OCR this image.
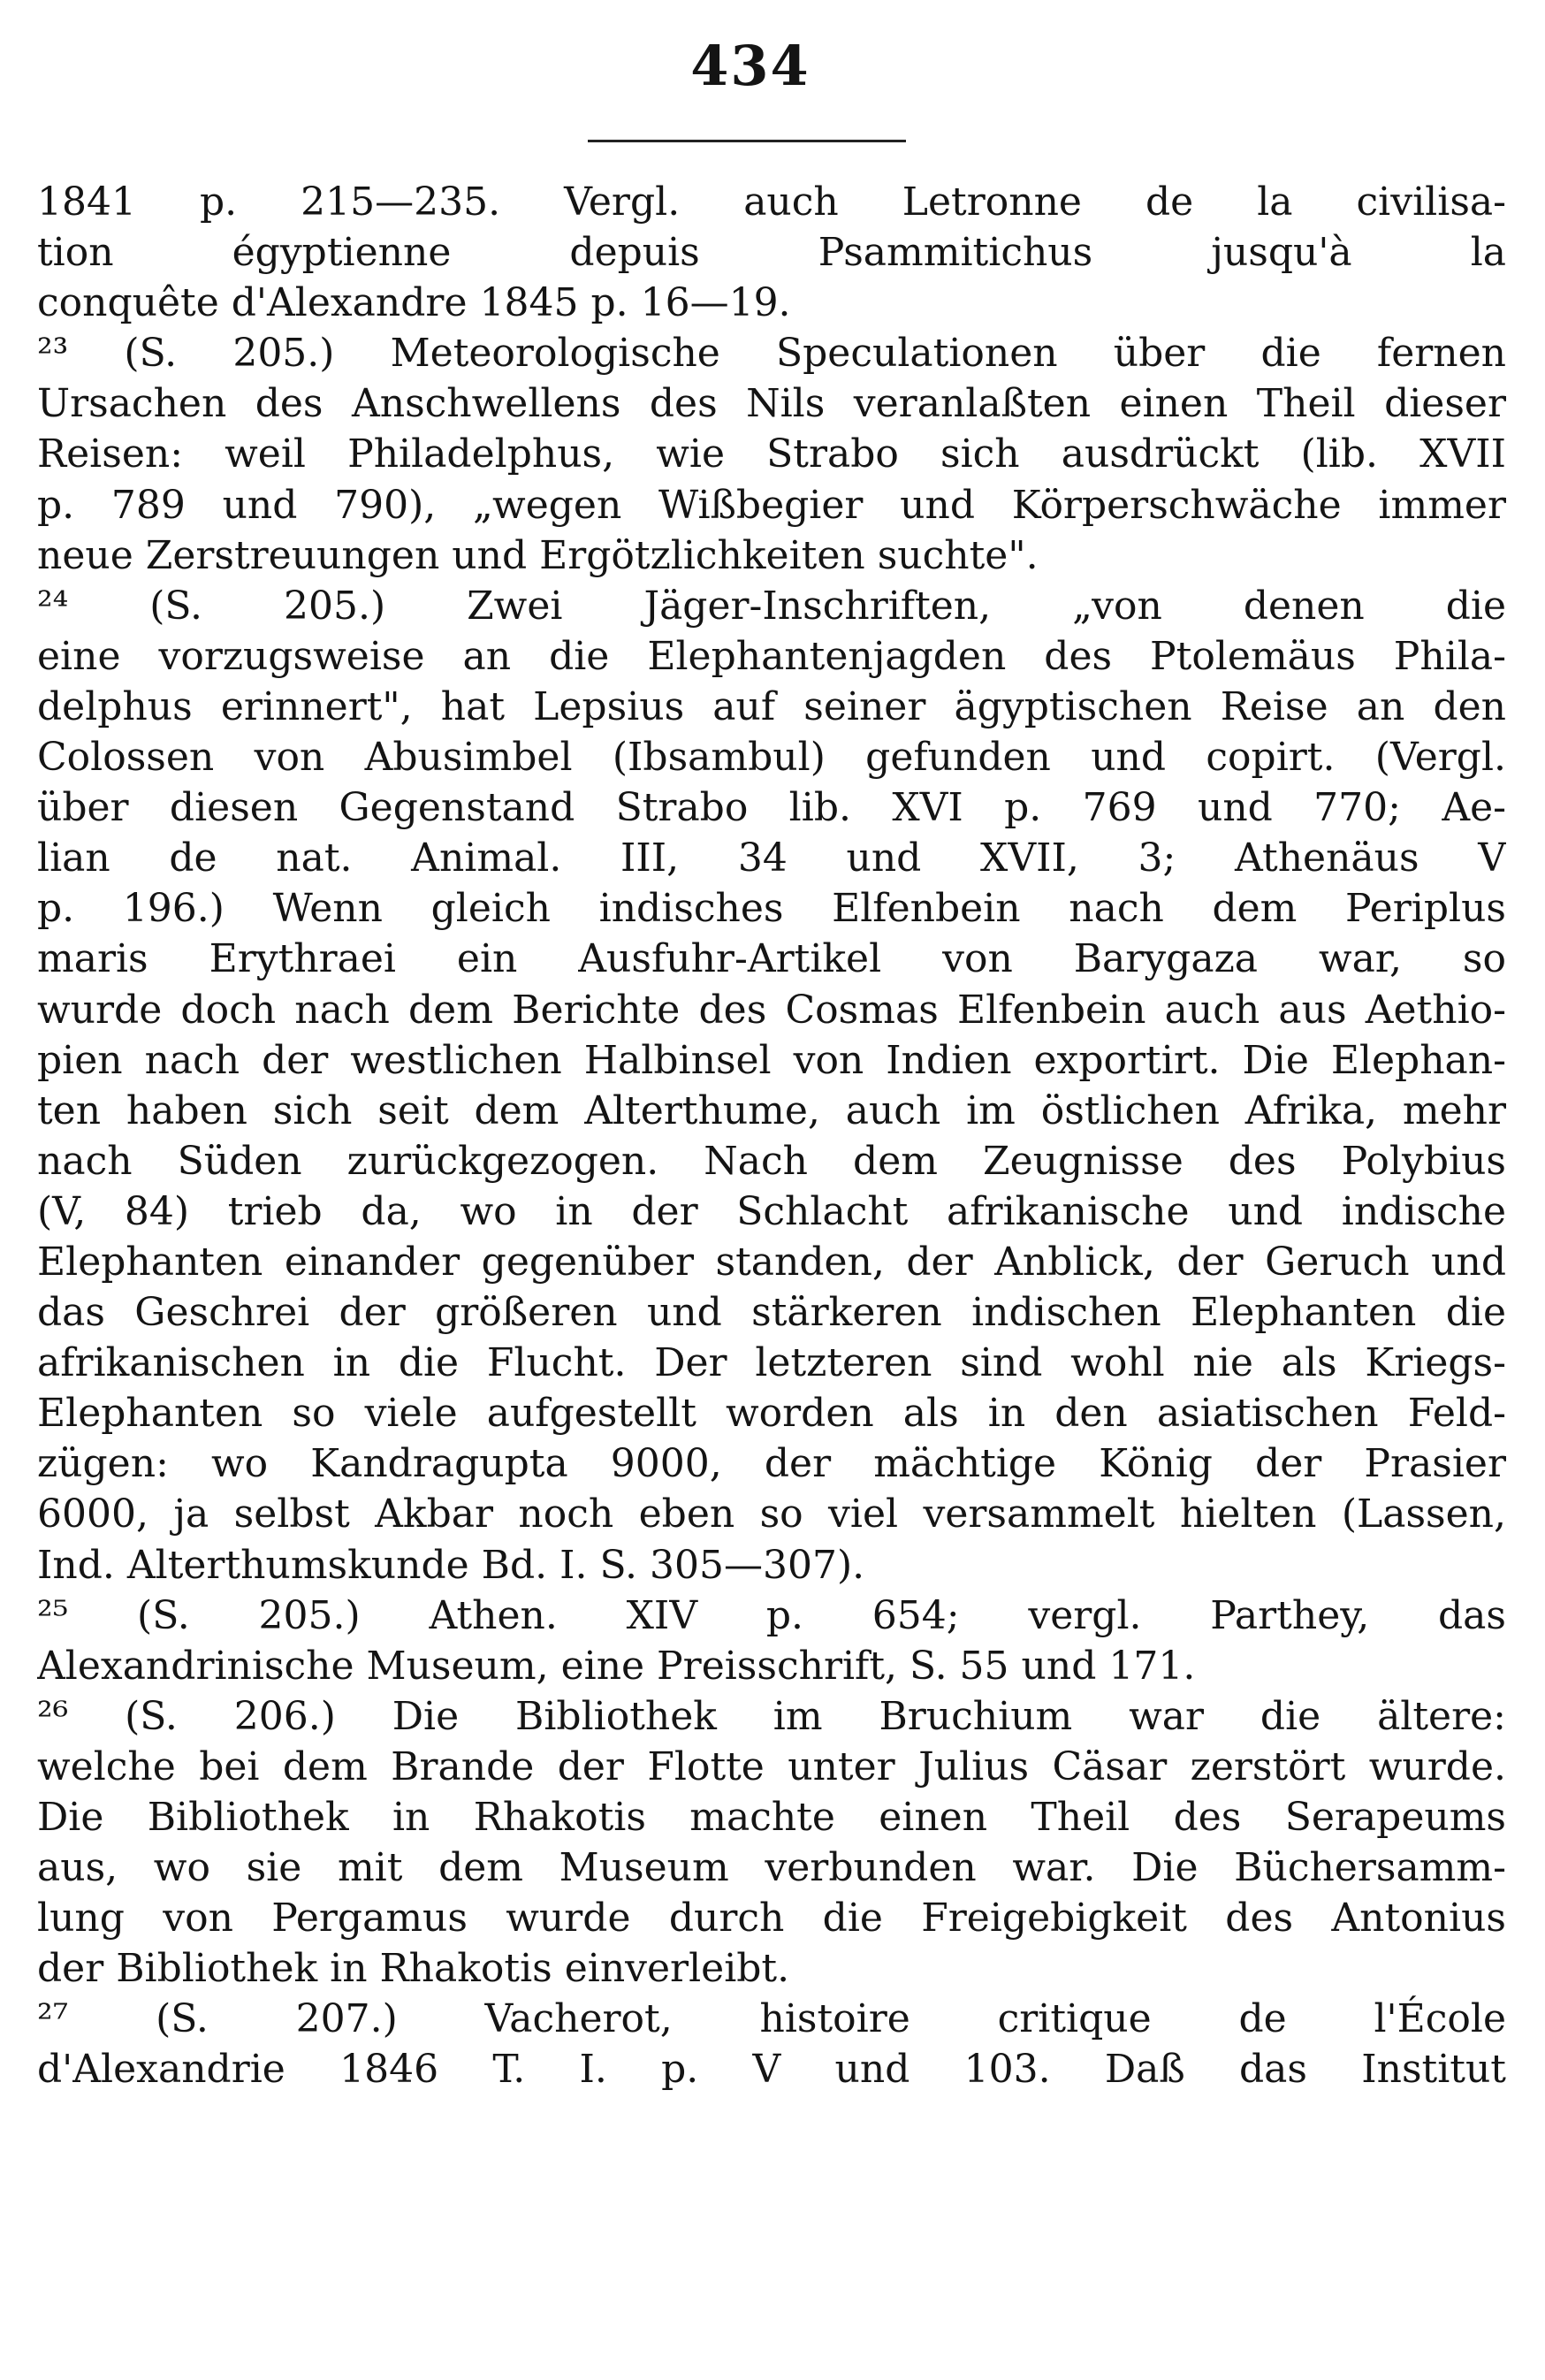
434
1841 p. 215—235. Vergl. auch Letronne de la civilisa-
tion égyptienne depuis Psammitichus jusqu'à la
conquête d'Alexandre 1845 p. 16—19.
²³ (S. 205.) Meteorologische Speculationen über die fernen
Ursachen des Anschwellens des Nils veranlaßten einen Theil dieser
Reisen: weil Philadelphus, wie Strabo sich ausdrückt (lib. XVII
p. 789 und 790), „wegen Wißbegier und Körperschwäche immer
neue Zerstreuungen und Ergötzlichkeiten suchte".
²⁴ (S. 205.) Zwei Jäger-Inschriften, „von denen die
eine vorzugsweise an die Elephantenjagden des Ptolemäus Phila-
delphus erinnert", hat Lepsius auf seiner ägyptischen Reise an den
Colossen von Abusimbel (Ibsambul) gefunden und copirt. (Vergl.
über diesen Gegenstand Strabo lib. XVI p. 769 und 770; Ae-
lian de nat. Animal. III, 34 und XVII, 3; Athenäus V
p. 196.) Wenn gleich indisches Elfenbein nach dem Periplus
maris Erythraei ein Ausfuhr-Artikel von Barygaza war, so
wurde doch nach dem Berichte des Cosmas Elfenbein auch aus Aethio-
pien nach der westlichen Halbinsel von Indien exportirt. Die Elephan-
ten haben sich seit dem Alterthume, auch im östlichen Afrika, mehr
nach Süden zurückgezogen. Nach dem Zeugnisse des Polybius
(V, 84) trieb da, wo in der Schlacht afrikanische und indische
Elephanten einander gegenüber standen, der Anblick, der Geruch und
das Geschrei der größeren und stärkeren indischen Elephanten die
afrikanischen in die Flucht. Der letzteren sind wohl nie als Kriegs-
Elephanten so viele aufgestellt worden als in den asiatischen Feld-
zügen: wo Kandragupta 9000, der mächtige König der Prasier
6000, ja selbst Akbar noch eben so viel versammelt hielten (Lassen,
Ind. Alterthumskunde Bd. I. S. 305—307).
²⁵ (S. 205.) Athen. XIV p. 654; vergl. Parthey, das
Alexandrinische Museum, eine Preisschrift, S. 55 und 171.
²⁶ (S. 206.) Die Bibliothek im Bruchium war die ältere:
welche bei dem Brande der Flotte unter Julius Cäsar zerstört wurde.
Die Bibliothek in Rhakotis machte einen Theil des Serapeums
aus, wo sie mit dem Museum verbunden war. Die Büchersamm-
lung von Pergamus wurde durch die Freigebigkeit des Antonius
der Bibliothek in Rhakotis einverleibt.
²⁷ (S. 207.) Vacherot, histoire critique de l'École
d'Alexandrie 1846 T. I. p. V und 103. Daß das Institut
